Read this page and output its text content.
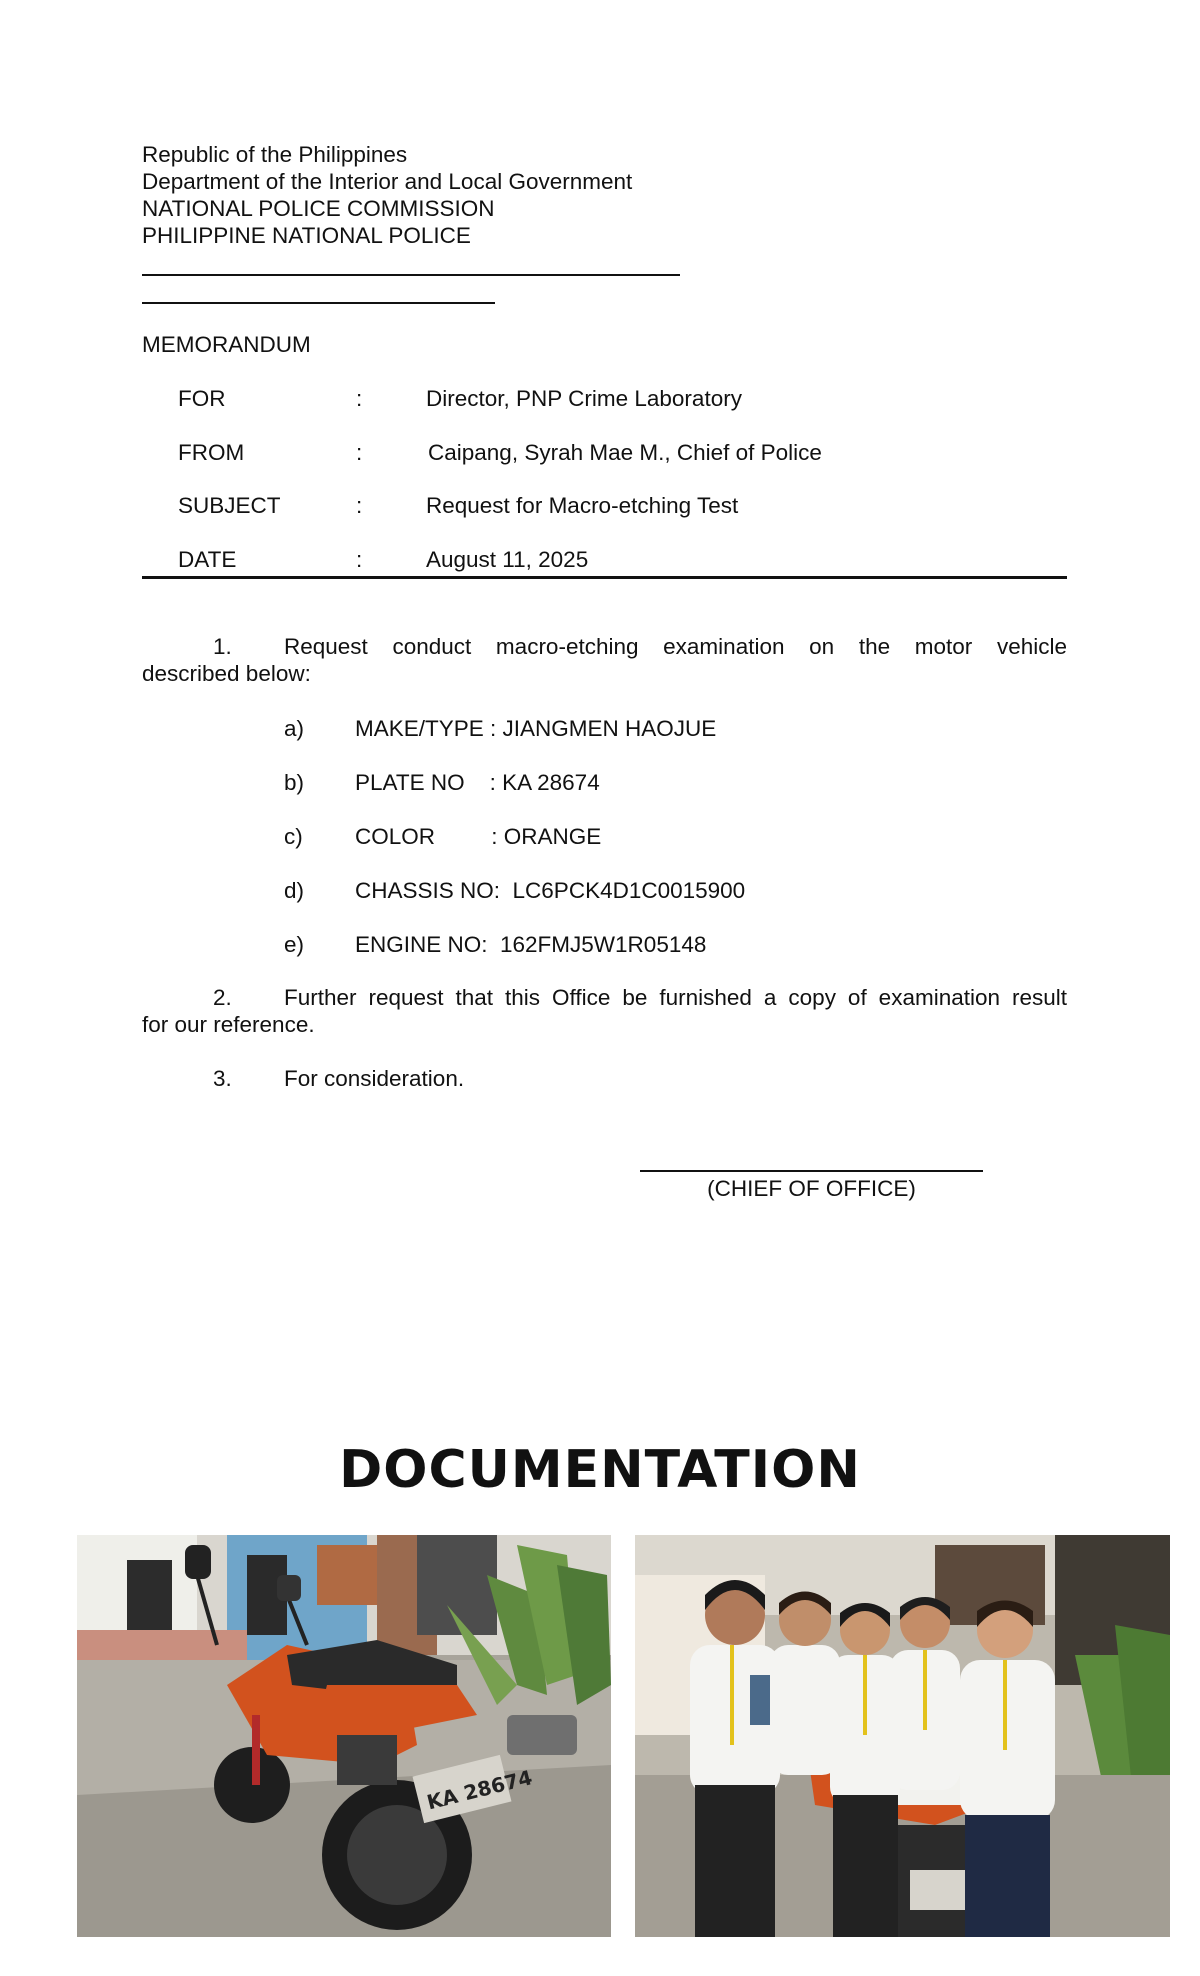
Republic of the Philippines
Department of the Interior and Local Government
NATIONAL POLICE COMMISSION
PHILIPPINE NATIONAL POLICE
MEMORANDUM
FOR	:	Director, PNP Crime Laboratory
FROM	:	Caipang, Syrah Mae M., Chief of Police
SUBJECT	:	Request for Macro-etching Test
DATE	:	August 11, 2025
1. Request conduct macro-etching examination on the motor vehicle
described below:
a) MAKE/TYPE : JIANGMEN HAOJUE
b) PLATE NO    : KA 28674
c) COLOR         : ORANGE
d) CHASSIS NO:  LC6PCK4D1C0015900
e) ENGINE NO:  162FMJ5W1R05148
2. Further request that this Office be furnished a copy of examination result
for our reference.
3. For consideration.
(CHIEF OF OFFICE)
DOCUMENTATION
KA 28674
